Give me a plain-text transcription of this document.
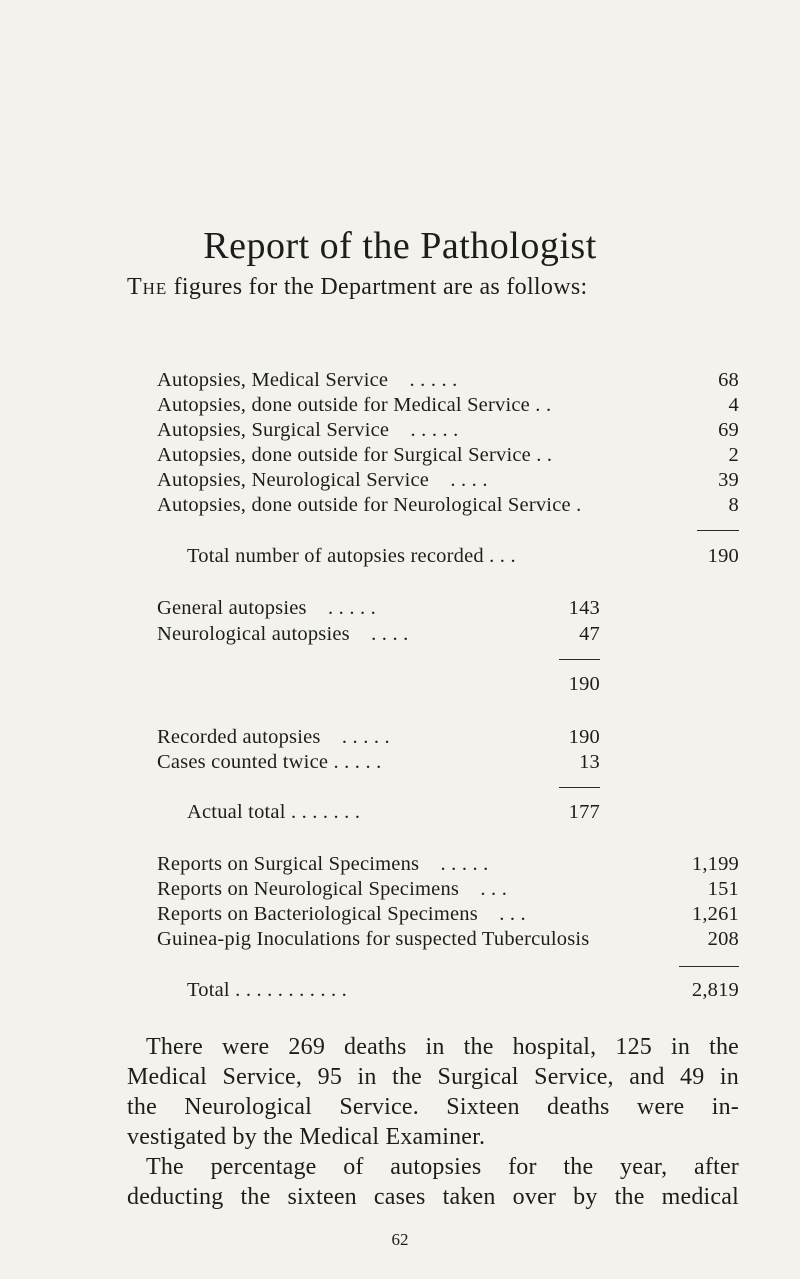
Report of the Pathologist
The figures for the Department are as follows:
Autopsies, Medical Service . . . . .	68
Autopsies, done outside for Medical Service . .	4
Autopsies, Surgical Service . . . . .	69
Autopsies, done outside for Surgical Service . .	2
Autopsies, Neurological Service . . . .	39
Autopsies, done outside for Neurological Service .	8
Total number of autopsies recorded . . .	190
General autopsies . . . . .	143
Neurological autopsies . . . .	47
190
Recorded autopsies . . . . .	190
Cases counted twice . . . . .	13
Actual total . . . . . . .	177
Reports on Surgical Specimens . . . . .	1,199
Reports on Neurological Specimens . . .	151
Reports on Bacteriological Specimens . . .	1,261
Guinea-pig Inoculations for suspected Tuberculosis	208
Total . . . . . . . . . . .	2,819
There were 269 deaths in the hospital, 125 in the
Medical Service, 95 in the Surgical Service, and 49 in
the Neurological Service. Sixteen deaths were in-
vestigated by the Medical Examiner.
The percentage of autopsies for the year, after
deducting the sixteen cases taken over by the medical
62
